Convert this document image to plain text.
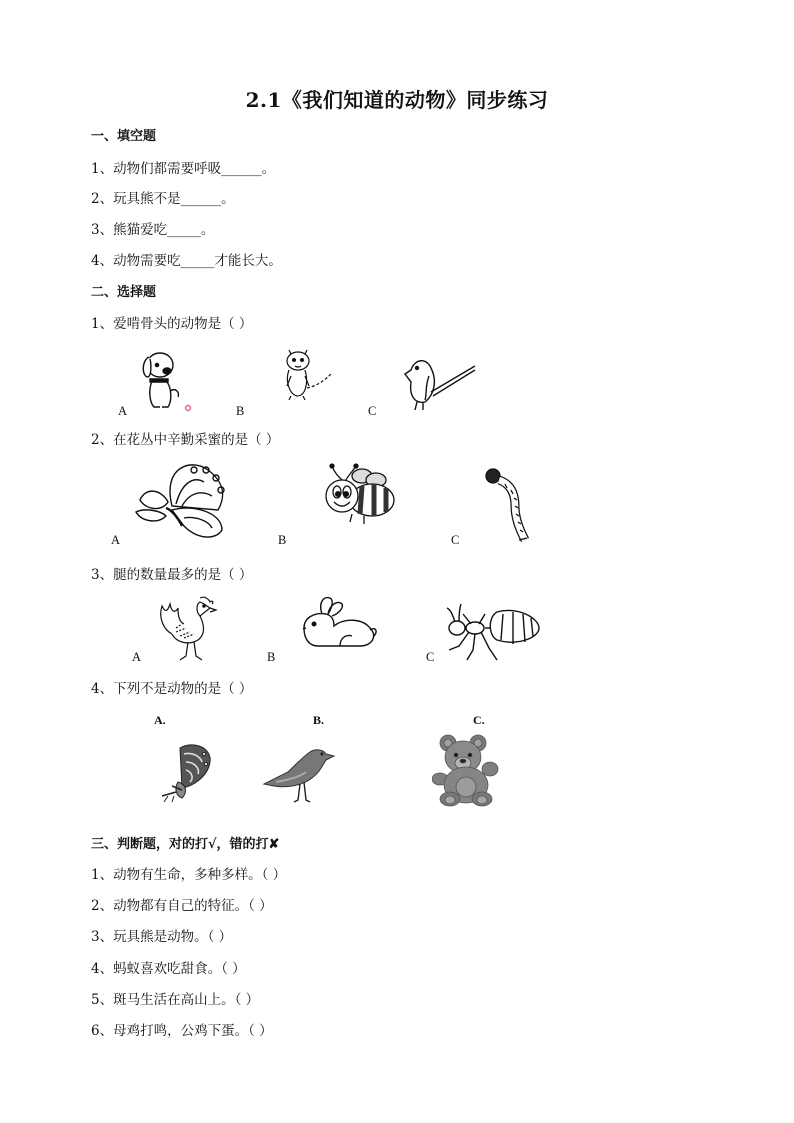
2.1《我们知道的动物》同步练习
一、填空题
1、动物们都需要呼吸______。
2、玩具熊不是______。
3、熊猫爱吃_____。
4、动物需要吃_____才能长大。
二、选择题
1、爱啃骨头的动物是（ ）
A	B	C
2、在花丛中辛勤采蜜的是（ ）
A	B	C
3、腿的数量最多的是（ ）
A	B	C
4、下列不是动物的是（ ）
A.	B.	C.
三、判断题，对的打√，错的打✘
1、动物有生命，多种多样。（ ）
2、动物都有自己的特征。（ ）
3、玩具熊是动物。（ ）
4、蚂蚁喜欢吃甜食。（ ）
5、斑马生活在高山上。（ ）
6、母鸡打鸣，公鸡下蛋。（ ）
